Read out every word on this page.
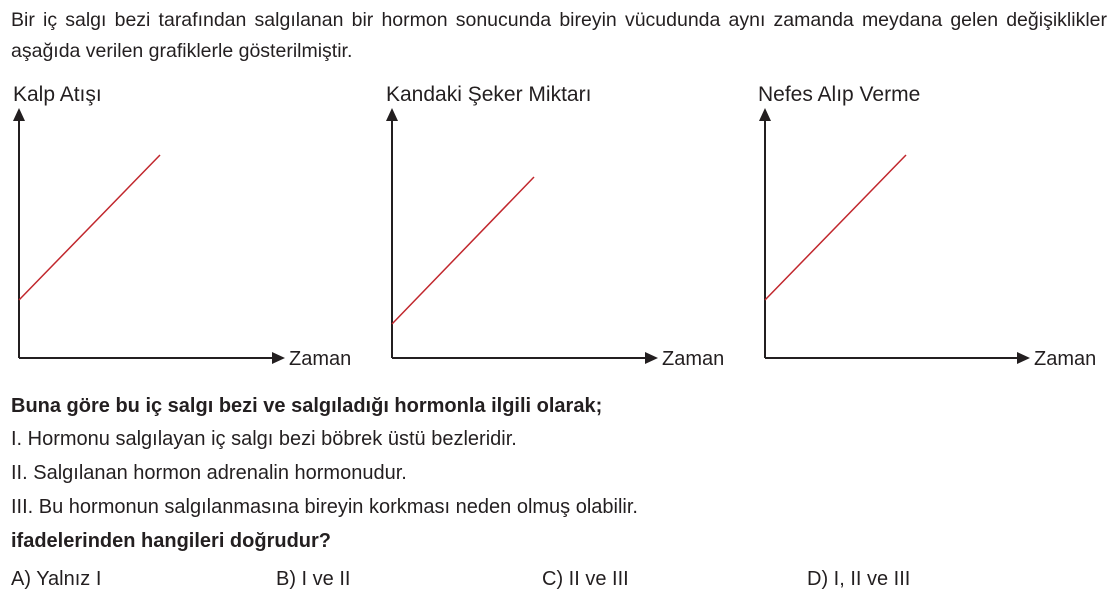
Bir iç salgı bezi tarafından salgılanan bir hormon sonucunda bireyin vücudunda aynı zamanda meydana gelen değişiklikler aşağıda verilen grafiklerle gösterilmiştir.
Kalp Atışı	Kandaki Şeker Miktarı	Nefes Alıp Verme
Zaman	Zaman	Zaman
Buna göre bu iç salgı bezi ve salgıladığı hormonla ilgili olarak;
I. Hormonu salgılayan iç salgı bezi böbrek üstü bezleridir.
II. Salgılanan hormon adrenalin hormonudur.
III. Bu hormonun salgılanmasına bireyin korkması neden olmuş olabilir.
ifadelerinden hangileri doğrudur?
A) Yalnız I	B) I ve II	C) II ve III	D) I, II ve III
